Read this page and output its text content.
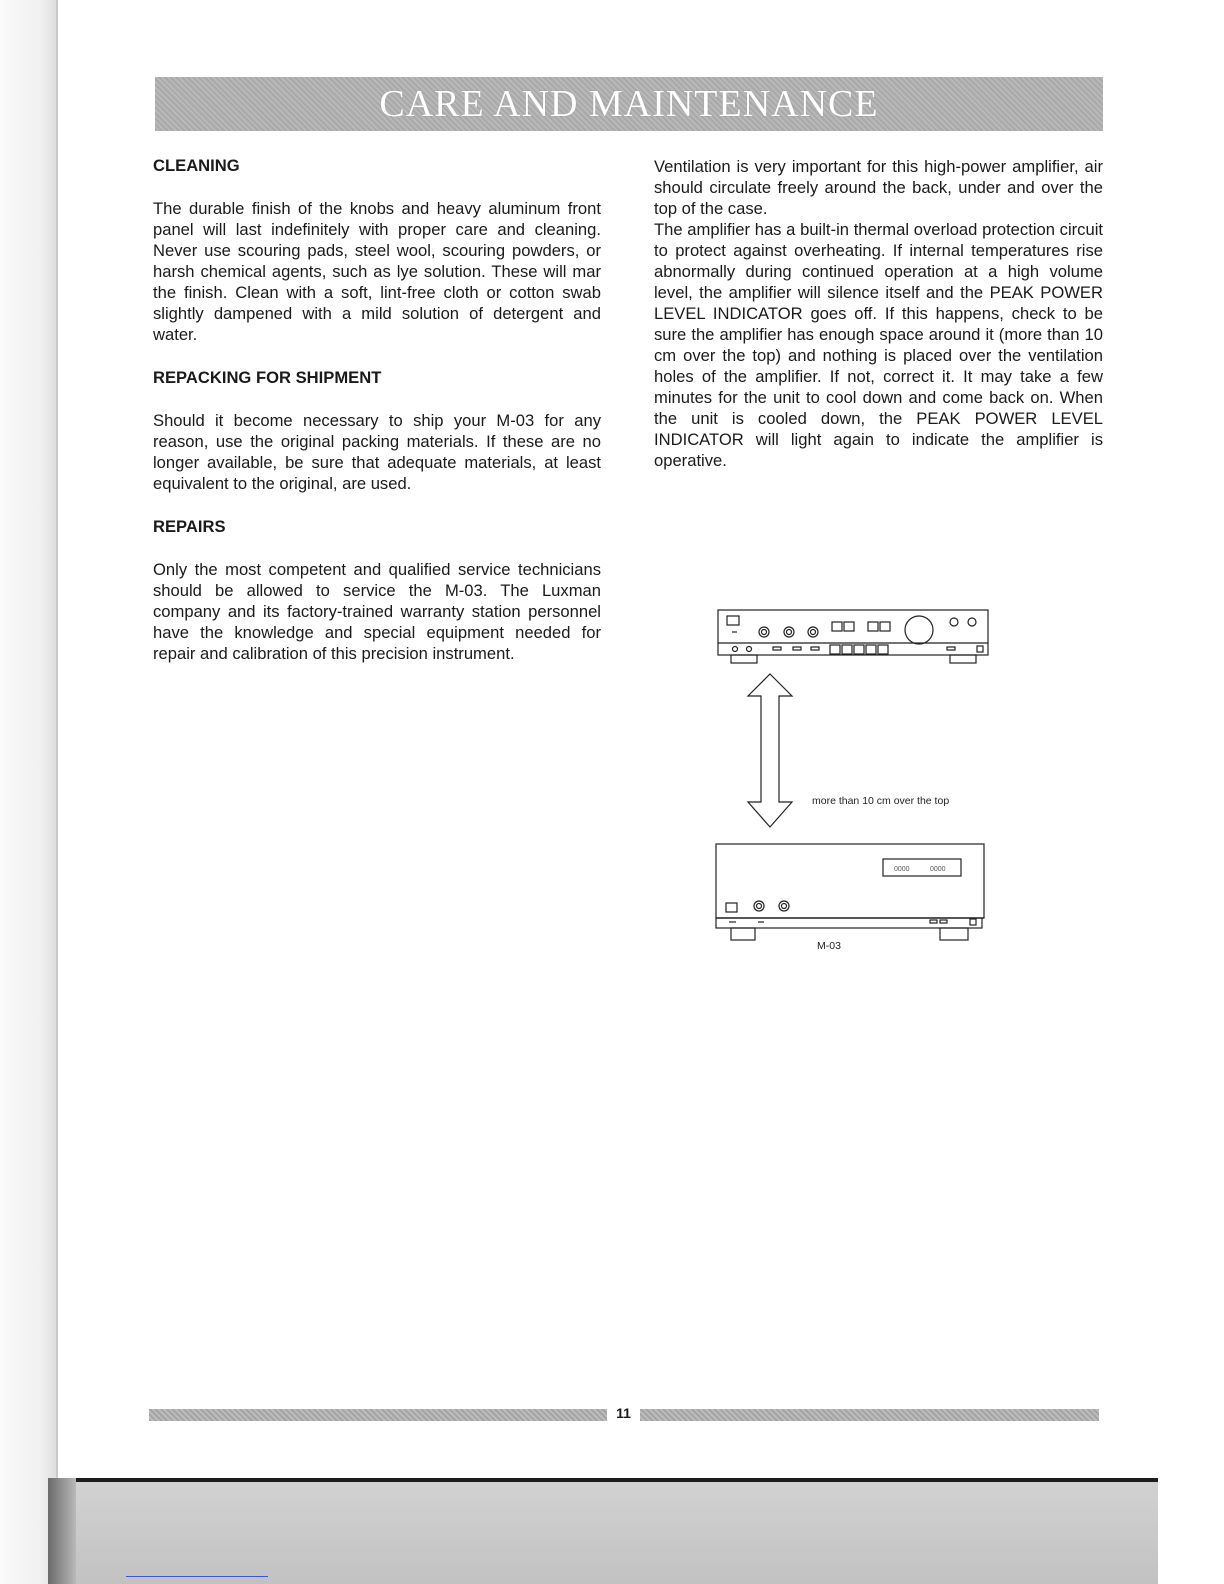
CARE AND MAINTENANCE

CLEANING

The durable finish of the knobs and heavy aluminum front panel will last indefinitely with proper care and cleaning. Never use scouring pads, steel wool, scouring powders, or harsh chemical agents, such as lye solution. These will mar the finish. Clean with a soft, lint-free cloth or cotton swab slightly dampened with a mild solution of detergent and water.

REPACKING FOR SHIPMENT

Should it become necessary to ship your M-03 for any reason, use the original packing materials. If these are no longer available, be sure that adequate materials, at least equivalent to the original, are used.

REPAIRS

Only the most competent and qualified service technicians should be allowed to service the M-03. The Luxman company and its factory-trained warranty station personnel have the knowledge and special equipment needed for repair and calibration of this precision instrument.

Ventilation is very important for this high-power amplifier, air should circulate freely around the back, under and over the top of the case.

The amplifier has a built-in thermal overload protection circuit to protect against overheating. If internal temperatures rise abnormally during continued operation at a high volume level, the amplifier will silence itself and the PEAK POWER LEVEL INDICATOR goes off. If this happens, check to be sure the amplifier has enough space around it (more than 10 cm over the top) and nothing is placed over the ventilation holes of the amplifier. If not, correct it. It may take a few minutes for the unit to cool down and come back on. When the unit is cooled down, the PEAK POWER LEVEL INDICATOR will light again to indicate the amplifier is operative.

0000	0000
more than 10 cm over the top
M-03
11
